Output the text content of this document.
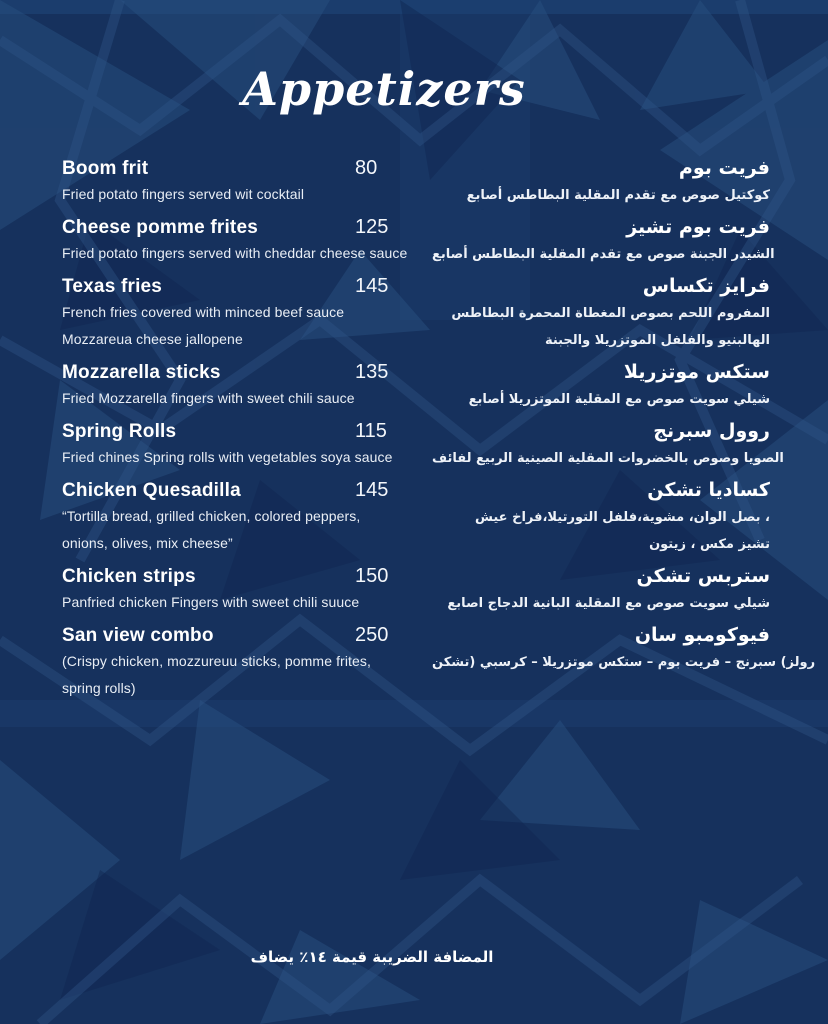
Appetizers
Boom frit	80	فريت بوم
Fried potato fingers served wit cocktail	كوكتيل صوص مع تقدم المقلية البطاطس أصابع
Cheese pomme frites	125	فريت بوم تشيز
Fried potato fingers served with cheddar cheese sauce	الشيدر الجبنة صوص مع تقدم المقلية البطاطس أصابع
Texas fries	145	فرايز تكساس
French fries covered with minced beef sauce	المفروم اللحم بصوص المغطاة المحمرة البطاطس
Mozzareua cheese jallopene	الهالبنيو والفلفل الموتزريلا والجبنة
Mozzarella sticks	135	ستكس موتزريلا
Fried Mozzarella fingers with sweet chili sauce	شيلي سويت صوص مع المقلية الموتزريلا أصابع
Spring Rolls	115	روول سبرنج
Fried chines Spring rolls with vegetables soya sauce	الصويا وصوص بالخضروات المقلية الصينية الربيع لفائف
Chicken Quesadilla	145	كساديا تشكن
“Tortilla bread, grilled chicken, colored peppers,	، بصل الوان، مشوية،فلفل التورتيلا،فراخ عيش
onions, olives, mix cheese”	تشيز مكس ، زيتون
Chicken strips	150	ستربس تشكن
Panfried chicken Fingers with sweet chili suuce	شيلي سويت صوص مع المقلية البانية الدجاج اصابع
San view combo	250	فيوكومبو سان
(Crispy chicken, mozzureuu sticks, pomme frites,	رولز) سبرنج – فريت بوم – ستكس موتزريلا – كرسبي (تشكن
spring rolls)
المضافة الضريبة قيمة ١٤٪ يضاف
